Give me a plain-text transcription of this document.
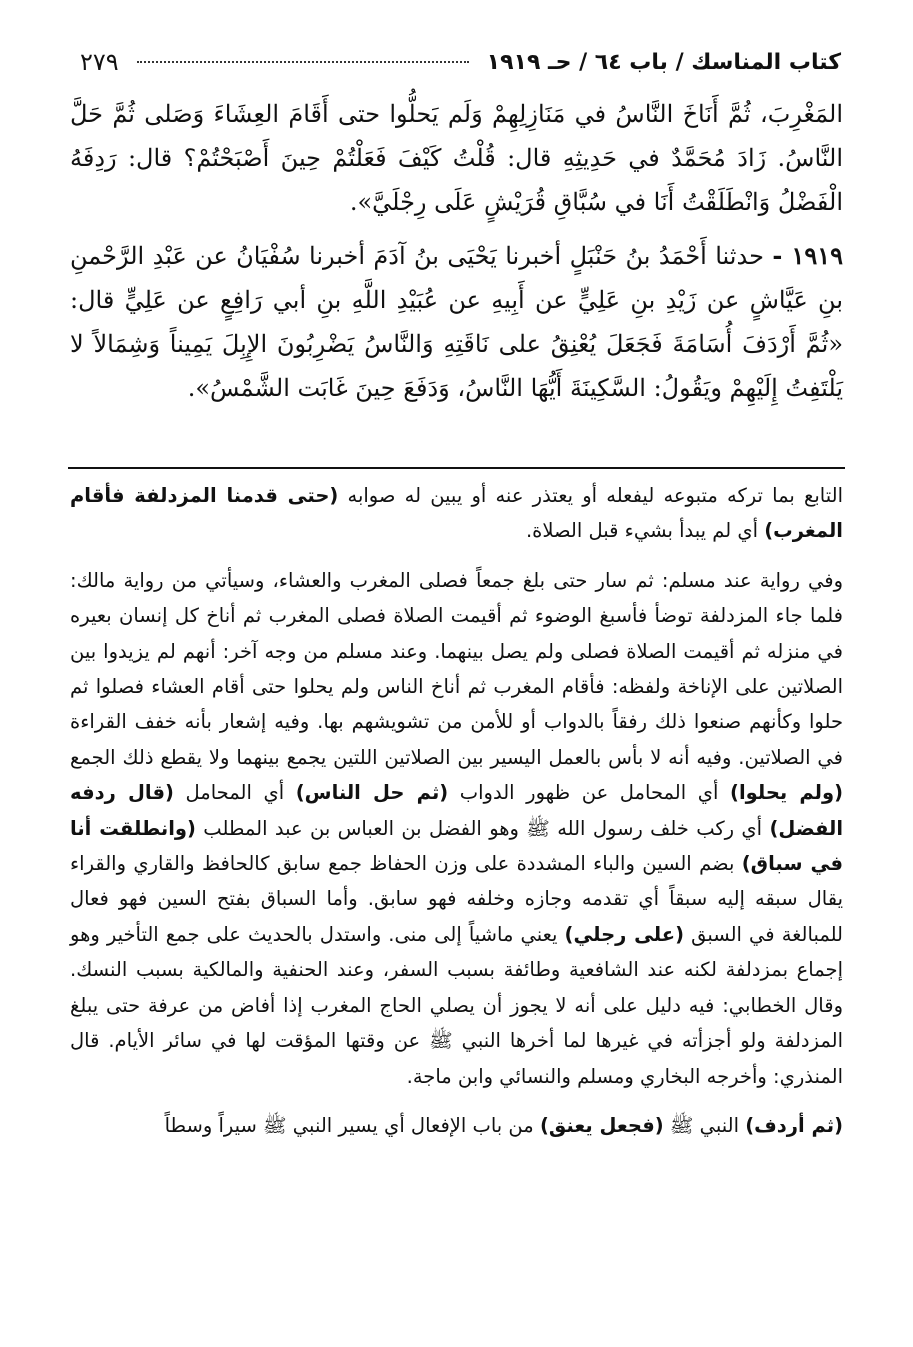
٢٧٩	كتاب المناسك / باب ٦٤ / حـ ١٩١٩

المَغْرِبَ، ثُمَّ أَنَاخَ النَّاسُ في مَنَازِلِهِمْ وَلَم يَحلُّوا حتى أَقَامَ العِشَاءَ وَصَلى ثُمَّ حَلَّ النَّاسُ. زَادَ مُحَمَّدٌ في حَدِيثِهِ قال: قُلْتُ كَيْفَ فَعَلْتُمْ حِينَ أَصْبَحْتُمْ؟ قال: رَدِفَهُ الْفَضْلُ وَانْطَلَقْتُ أَنَا في سُبَّاقِ قُرَيْشٍ عَلَى رِجْلَيَّ».

١٩١٩ - حدثنا أَحْمَدُ بنُ حَنْبَلٍ أخبرنا يَحْيَى بنُ آدَمَ أخبرنا سُفْيَانُ عن عَبْدِ الرَّحْمنِ بنِ عَيَّاشٍ عن زَيْدِ بنِ عَلِيٍّ عن أَبِيهِ عن عُبَيْدِ اللَّهِ بنِ أبي رَافِعٍ عن عَلِيٍّ قال: «ثُمَّ أَرْدَفَ أُسَامَةَ فَجَعَلَ يُعْنِقُ على نَاقَتِهِ وَالنَّاسُ يَضْرِبُونَ الإِبِلَ يَمِيناً وَشِمَالاً لا يَلْتَفِتُ إِلَيْهِمْ ويَقُولُ: السَّكِينَةَ أَيُّهَا النَّاسُ، وَدَفَعَ حِينَ غَابَت الشَّمْسُ».

التابع بما تركه متبوعه ليفعله أو يعتذر عنه أو يبين له صوابه (حتى قدمنا المزدلفة فأقام المغرب) أي لم يبدأ بشيء قبل الصلاة.

وفي رواية عند مسلم: ثم سار حتى بلغ جمعاً فصلى المغرب والعشاء، وسيأتي من رواية مالك: فلما جاء المزدلفة توضأ فأسبغ الوضوء ثم أقيمت الصلاة فصلى المغرب ثم أناخ كل إنسان بعيره في منزله ثم أقيمت الصلاة فصلى ولم يصل بينهما. وعند مسلم من وجه آخر: أنهم لم يزيدوا بين الصلاتين على الإناخة ولفظه: فأقام المغرب ثم أناخ الناس ولم يحلوا حتى أقام العشاء فصلوا ثم حلوا وكأنهم صنعوا ذلك رفقاً بالدواب أو للأمن من تشويشهم بها. وفيه إشعار بأنه خفف القراءة في الصلاتين. وفيه أنه لا بأس بالعمل اليسير بين الصلاتين اللتين يجمع بينهما ولا يقطع ذلك الجمع (ولم يحلوا) أي المحامل عن ظهور الدواب (ثم حل الناس) أي المحامل (قال ردفه الفضل) أي ركب خلف رسول الله ﷺ وهو الفضل بن العباس بن عبد المطلب (وانطلقت أنا في سباق) بضم السين والباء المشددة على وزن الحفاظ جمع سابق كالحافظ والقاري والقراء يقال سبقه إليه سبقاً أي تقدمه وجازه وخلفه فهو سابق. وأما السباق بفتح السين فهو فعال للمبالغة في السبق (على رجلي) يعني ماشياً إلى منى. واستدل بالحديث على جمع التأخير وهو إجماع بمزدلفة لكنه عند الشافعية وطائفة بسبب السفر، وعند الحنفية والمالكية بسبب النسك. وقال الخطابي: فيه دليل على أنه لا يجوز أن يصلي الحاج المغرب إذا أفاض من عرفة حتى يبلغ المزدلفة ولو أجزأته في غيرها لما أخرها النبي ﷺ عن وقتها المؤقت لها في سائر الأيام. قال المنذري: وأخرجه البخاري ومسلم والنسائي وابن ماجة.

(ثم أردف) النبي ﷺ (فجعل يعنق) من باب الإفعال أي يسير النبي ﷺ سيراً وسطاً
